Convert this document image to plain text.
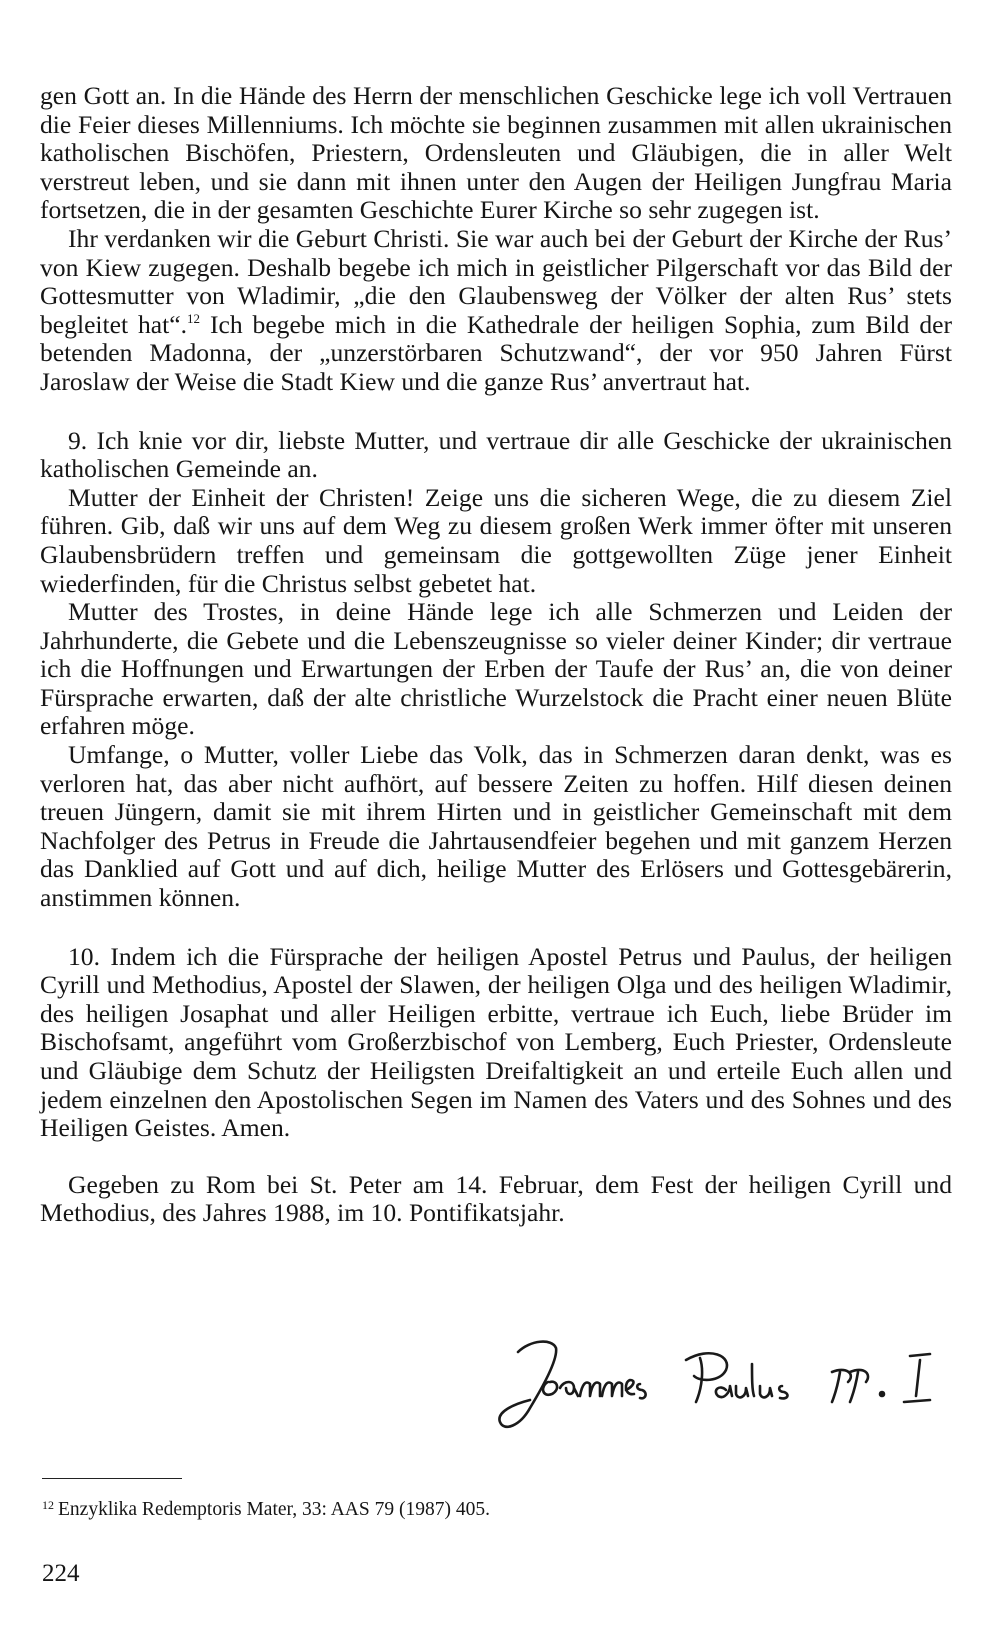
gen Gott an. In die Hände des Herrn der menschlichen Geschicke lege ich voll Vertrauen die Feier dieses Millenniums. Ich möchte sie beginnen zusammen mit allen ukrainischen katholischen Bischöfen, Priestern, Ordensleuten und Gläubigen, die in aller Welt verstreut leben, und sie dann mit ihnen unter den Augen der Heiligen Jungfrau Maria fortsetzen, die in der gesamten Geschichte Eurer Kirche so sehr zugegen ist.

Ihr verdanken wir die Geburt Christi. Sie war auch bei der Geburt der Kirche der Rus’ von Kiew zugegen. Deshalb begebe ich mich in geistlicher Pilgerschaft vor das Bild der Gottesmutter von Wladimir, „die den Glaubensweg der Völker der alten Rus’ stets begleitet hat“.$^{12}$ Ich begebe mich in die Kathedrale der heiligen Sophia, zum Bild der betenden Madonna, der „unzerstörbaren Schutzwand“, der vor 950 Jahren Fürst Jaroslaw der Weise die Stadt Kiew und die ganze Rus’ anvertraut hat.

9. Ich knie vor dir, liebste Mutter, und vertraue dir alle Geschicke der ukrainischen katholischen Gemeinde an.

Mutter der Einheit der Christen! Zeige uns die sicheren Wege, die zu diesem Ziel führen. Gib, daß wir uns auf dem Weg zu diesem großen Werk immer öfter mit unseren Glaubensbrüdern treffen und gemeinsam die gottgewollten Züge jener Einheit wiederfinden, für die Christus selbst gebetet hat.

Mutter des Trostes, in deine Hände lege ich alle Schmerzen und Leiden der Jahrhunderte, die Gebete und die Lebenszeugnisse so vieler deiner Kinder; dir vertraue ich die Hoffnungen und Erwartungen der Erben der Taufe der Rus’ an, die von deiner Fürsprache erwarten, daß der alte christliche Wurzelstock die Pracht einer neuen Blüte erfahren möge.

Umfange, o Mutter, voller Liebe das Volk, das in Schmerzen daran denkt, was es verloren hat, das aber nicht aufhört, auf bessere Zeiten zu hoffen. Hilf diesen deinen treuen Jüngern, damit sie mit ihrem Hirten und in geistlicher Gemeinschaft mit dem Nachfolger des Petrus in Freude die Jahrtausendfeier begehen und mit ganzem Herzen das Danklied auf Gott und auf dich, heilige Mutter des Erlösers und Gottesgebärerin, anstimmen können.

10. Indem ich die Fürsprache der heiligen Apostel Petrus und Paulus, der heiligen Cyrill und Methodius, Apostel der Slawen, der heiligen Olga und des heiligen Wladimir, des heiligen Josaphat und aller Heiligen erbitte, vertraue ich Euch, liebe Brüder im Bischofsamt, angeführt vom Großerzbischof von Lemberg, Euch Priester, Ordensleute und Gläubige dem Schutz der Heiligsten Dreifaltigkeit an und erteile Euch allen und jedem einzelnen den Apostolischen Segen im Namen des Vaters und des Sohnes und des Heiligen Geistes. Amen.

Gegeben zu Rom bei St. Peter am 14. Februar, dem Fest der heiligen Cyrill und Methodius, des Jahres 1988, im 10. Pontifikatsjahr.

$^{12}$ Enzyklika Redemptoris Mater, 33: AAS 79 (1987) 405.
224
